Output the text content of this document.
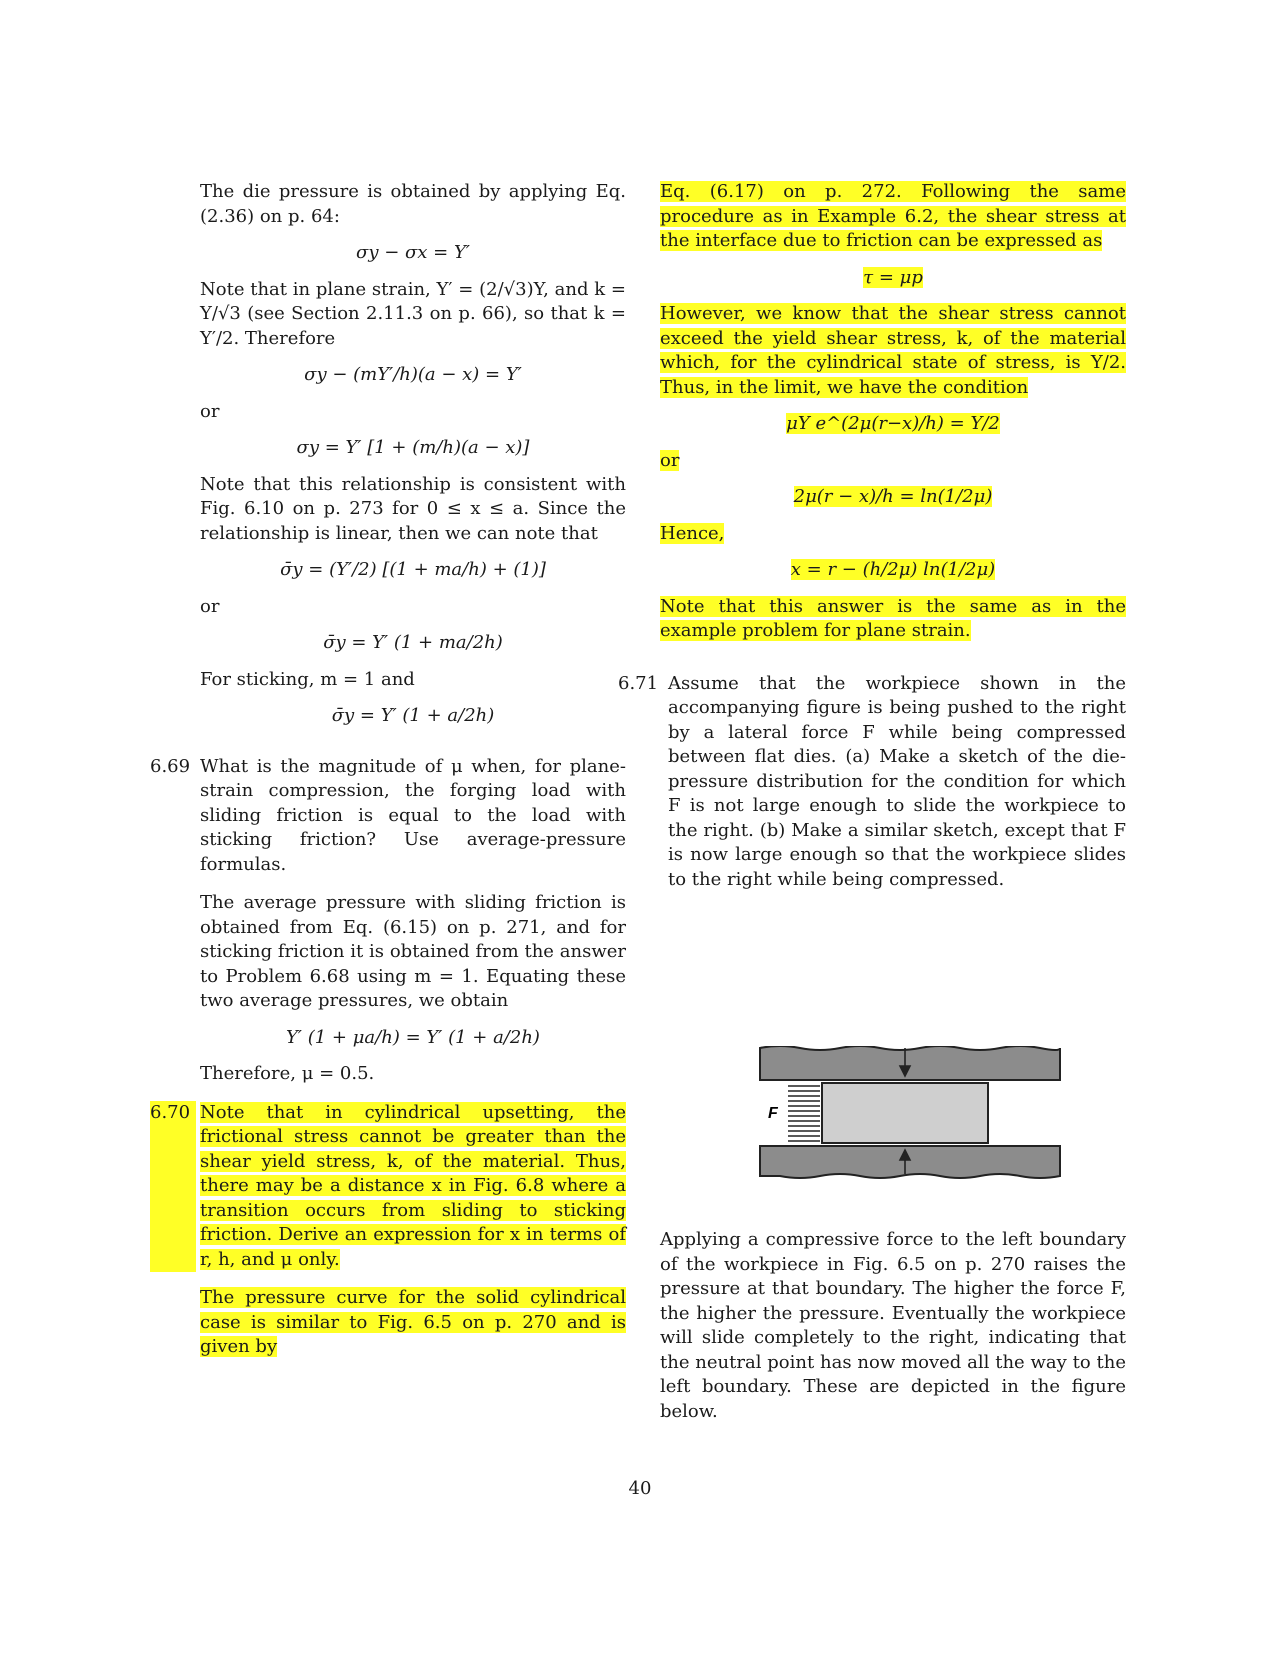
The die pressure is obtained by applying Eq. (2.36) on p. 64:

σy − σx = Y′

Note that in plane strain, Y′ = (2/√3)Y, and k = Y/√3 (see Section 2.11.3 on p. 66), so that k = Y′/2. Therefore

σy − (mY′/h)(a − x) = Y′
or
σy = Y′ [1 + (m/h)(a − x)]

Note that this relationship is consistent with Fig. 6.10 on p. 273 for 0 ≤ x ≤ a. Since the relationship is linear, then we can note that

σ̄y = (Y′/2) [(1 + ma/h) + (1)]
or
σ̄y = Y′ (1 + ma/2h)

For sticking, m = 1 and

σ̄y = Y′ (1 + a/2h)
6.69 What is the magnitude of μ when, for plane-strain compression, the forging load with sliding friction is equal to the load with sticking friction? Use average-pressure formulas.

The average pressure with sliding friction is obtained from Eq. (6.15) on p. 271, and for sticking friction it is obtained from the answer to Problem 6.68 using m = 1. Equating these two average pressures, we obtain

Y′ (1 + μa/h) = Y′ (1 + a/2h)

Therefore, μ = 0.5.

6.70 Note that in cylindrical upsetting, the frictional stress cannot be greater than the shear yield stress, k, of the material. Thus, there may be a distance x in Fig. 6.8 where a transition occurs from sliding to sticking friction. Derive an expression for x in terms of r, h, and μ only.

The pressure curve for the solid cylindrical case is similar to Fig. 6.5 on p. 270 and is given by

Eq. (6.17) on p. 272. Following the same procedure as in Example 6.2, the shear stress at the interface due to friction can be expressed as

τ = μp

However, we know that the shear stress cannot exceed the yield shear stress, k, of the material which, for the cylindrical state of stress, is Y/2. Thus, in the limit, we have the condition

μY e^(2μ(r−x)/h) = Y/2
or
2μ(r − x)/h = ln(1/2μ)
Hence,
x = r − (h/2μ) ln(1/2μ)

Note that this answer is the same as in the example problem for plane strain.

6.71 Assume that the workpiece shown in the accompanying figure is being pushed to the right by a lateral force F while being compressed between flat dies. (a) Make a sketch of the die-pressure distribution for the condition for which F is not large enough to slide the workpiece to the right. (b) Make a similar sketch, except that F is now large enough so that the workpiece slides to the right while being compressed.
F

Applying a compressive force to the left boundary of the workpiece in Fig. 6.5 on p. 270 raises the pressure at that boundary. The higher the force F, the higher the pressure. Eventually the workpiece will slide completely to the right, indicating that the neutral point has now moved all the way to the left boundary. These are depicted in the figure below.

40
